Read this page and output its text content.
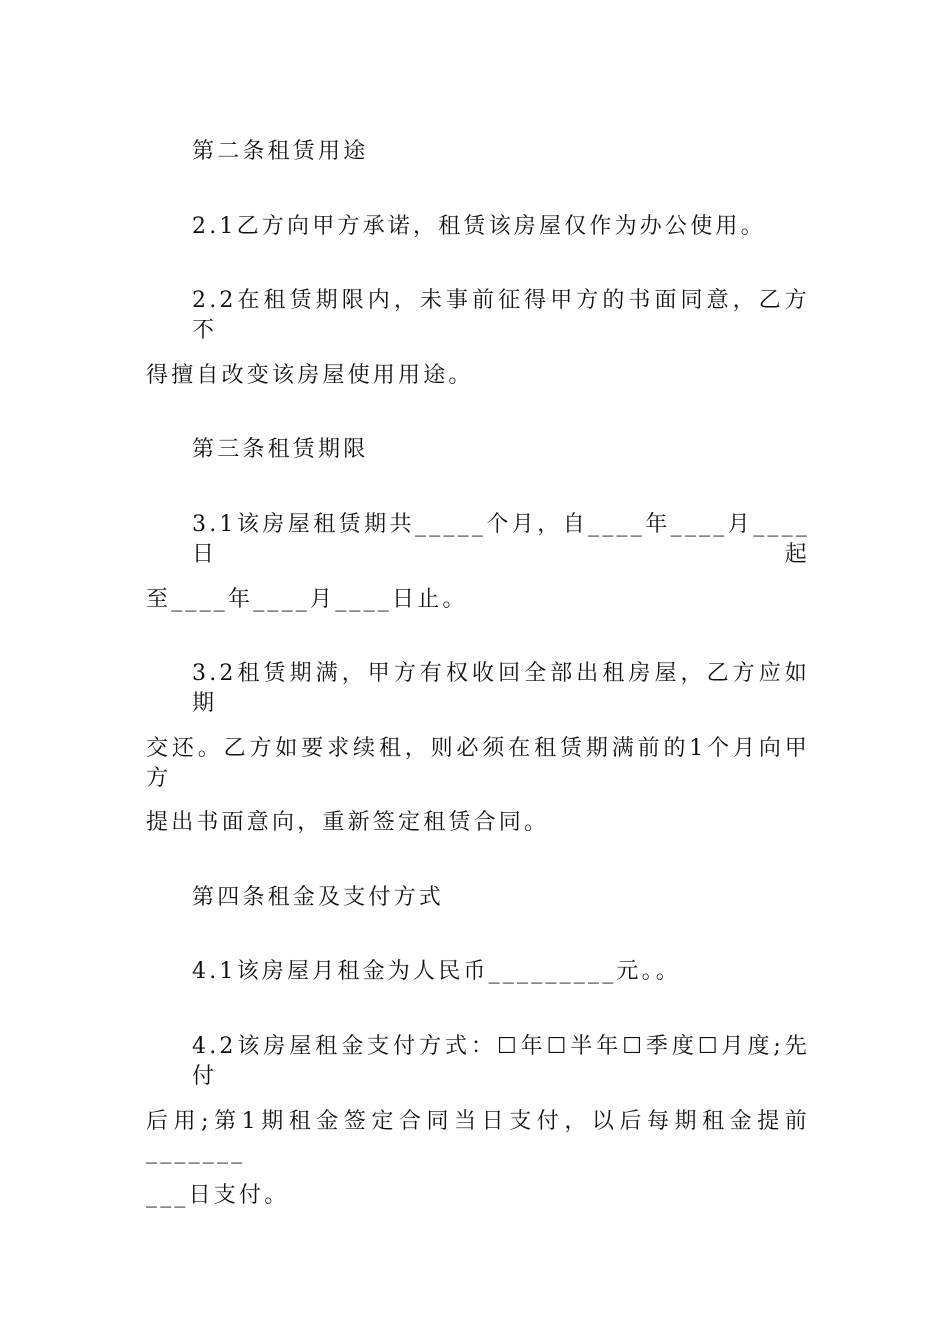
第二条租赁用途
2.1乙方向甲方承诺，租赁该房屋仅作为办公使用。
2.2在租赁期限内，未事前征得甲方的书面同意，乙方不
得擅自改变该房屋使用用途。
第三条租赁期限
3.1该房屋租赁期共_____个月，自____年____月____日起
至____年____月____日止。
3.2租赁期满，甲方有权收回全部出租房屋，乙方应如期
交还。乙方如要求续租，则必须在租赁期满前的1个月向甲方
提出书面意向，重新签定租赁合同。
第四条租金及支付方式
4.1该房屋月租金为人民币_________元。。
4.2该房屋租金支付方式：☐年☐半年☐季度☐月度;先付
后用;第1期租金签定合同当日支付，以后每期租金提前_______
___日支付。
